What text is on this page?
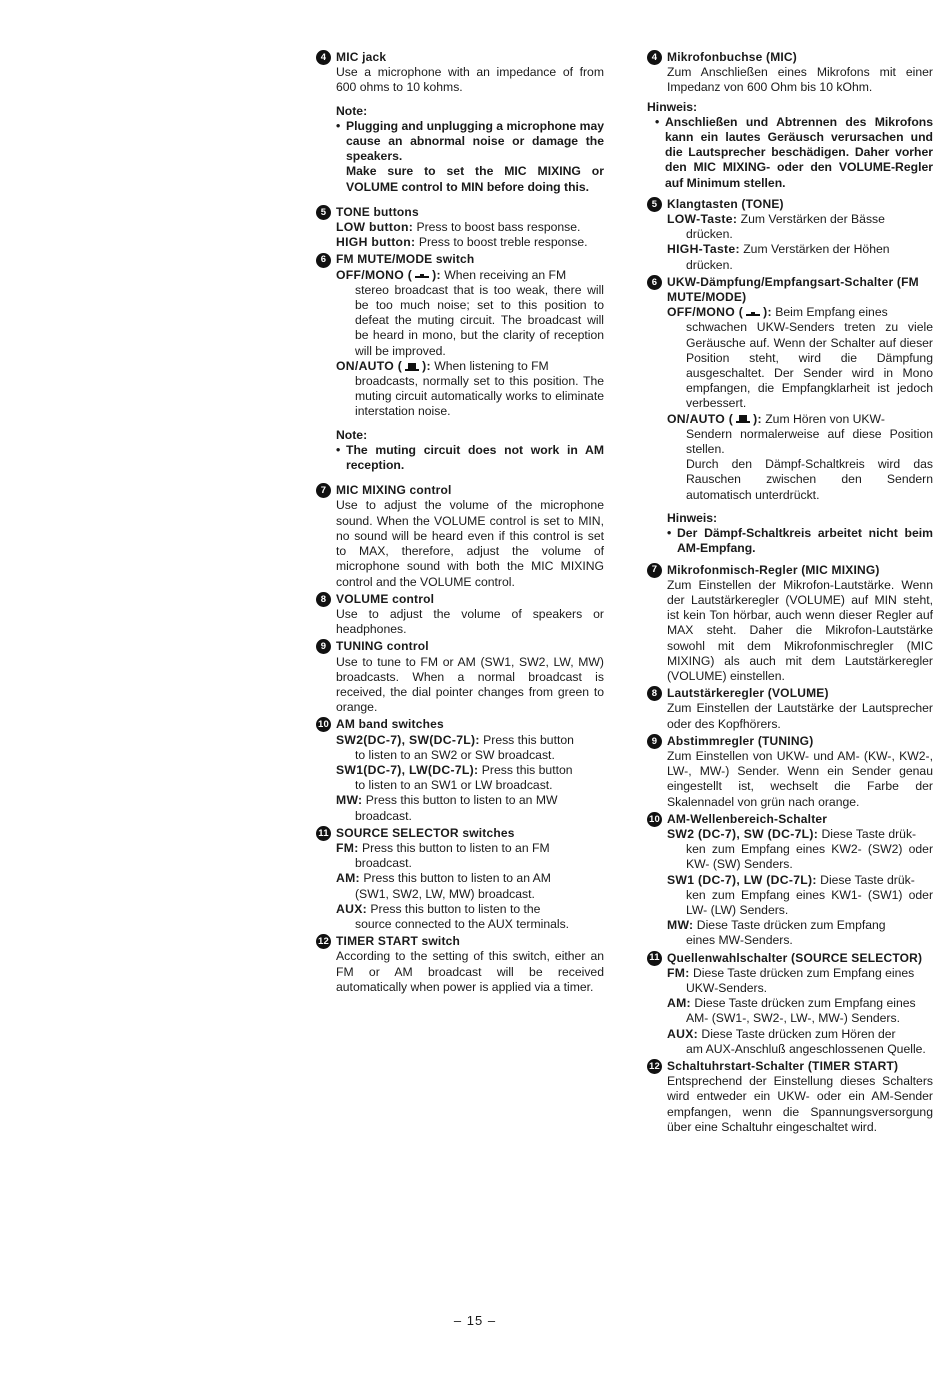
4 MIC jack
Use a microphone with an impedance of from 600 ohms to 10 kohms.
Note:
• Plugging and unplugging a microphone may cause an abnormal noise or damage the speakers.
Make sure to set the MIC MIXING or VOLUME control to MIN before doing this.
5 TONE buttons
LOW button: Press to boost bass response.
HIGH button: Press to boost treble response.
6 FM MUTE/MODE switch
OFF/MONO ( ): When receiving an FM
stereo broadcast that is too weak, there will be too much noise; set to this position to defeat the muting circuit. The broadcast will be heard in mono, but the clarity of reception will be improved.
ON/AUTO ( ): When listening to FM
broadcasts, normally set to this position. The muting circuit automatically works to eliminate interstation noise.
Note:
• The muting circuit does not work in AM reception.
7 MIC MIXING control
Use to adjust the volume of the microphone sound. When the VOLUME control is set to MIN, no sound will be heard even if this control is set to MAX, therefore, adjust the volume of microphone sound with both the MIC MIXING control and the VOLUME control.
8 VOLUME control
Use to adjust the volume of speakers or headphones.
9 TUNING control
Use to tune to FM or AM (SW1, SW2, LW, MW) broadcasts. When a normal broadcast is received, the dial pointer changes from green to orange.
10 AM band switches
SW2(DC-7), SW(DC-7L): Press this button
to listen to an SW2 or SW broadcast.
SW1(DC-7), LW(DC-7L): Press this button
to listen to an SW1 or LW broadcast.
MW: Press this button to listen to an MW
broadcast.
11 SOURCE SELECTOR switches
FM: Press this button to listen to an FM
broadcast.
AM: Press this button to listen to an AM
(SW1, SW2, LW, MW) broadcast.
AUX: Press this button to listen to the
source connected to the AUX terminals.
12 TIMER START switch
According to the setting of this switch, either an FM or AM broadcast will be received automatically when power is applied via a timer.
4 Mikrofonbuchse (MIC)
Zum Anschließen eines Mikrofons mit einer Impedanz von 600 Ohm bis 10 kOhm.
Hinweis:
• Anschließen und Abtrennen des Mikrofons kann ein lautes Geräusch verursachen und die Lautsprecher beschädigen. Daher vorher den MIC MIXING- oder den VOLUME-Regler auf Minimum stellen.
5 Klangtasten (TONE)
LOW-Taste: Zum Verstärken der Bässe
drücken.
HIGH-Taste: Zum Verstärken der Höhen
drücken.
6 UKW-Dämpfung/Empfangsart-Schalter (FM MUTE/MODE)
OFF/MONO ( ): Beim Empfang eines
schwachen UKW-Senders treten zu viele Geräusche auf. Wenn der Schalter auf dieser Position steht, wird die Dämpfung ausgeschaltet. Der Sender wird in Mono empfangen, die Empfangklarheit ist jedoch verbessert.
ON/AUTO ( ): Zum Hören von UKW-
Sendern normalerweise auf diese Position stellen.
Durch den Dämpf-Schaltkreis wird das Rauschen zwischen den Sendern automatisch unterdrückt.
Hinweis:
• Der Dämpf-Schaltkreis arbeitet nicht beim AM-Empfang.
7 Mikrofonmisch-Regler (MIC MIXING)
Zum Einstellen der Mikrofon-Lautstärke. Wenn der Lautstärkeregler (VOLUME) auf MIN steht, ist kein Ton hörbar, auch wenn dieser Regler auf MAX steht. Daher die Mikrofon-Lautstärke sowohl mit dem Mikrofonmischregler (MIC MIXING) als auch mit dem Lautstärkeregler (VOLUME) einstellen.
8 Lautstärkeregler (VOLUME)
Zum Einstellen der Lautstärke der Lautsprecher oder des Kopfhörers.
9 Abstimmregler (TUNING)
Zum Einstellen von UKW- und AM- (KW-, KW2-, LW-, MW-) Sender. Wenn ein Sender genau eingestellt ist, wechselt die Farbe der Skalennadel von grün nach orange.
10 AM-Wellenbereich-Schalter
SW2 (DC-7), SW (DC-7L): Diese Taste drük-
ken zum Empfang eines KW2- (SW2) oder KW- (SW) Senders.
SW1 (DC-7), LW (DC-7L): Diese Taste drük-
ken zum Empfang eines KW1- (SW1) oder LW- (LW) Senders.
MW: Diese Taste drücken zum Empfang
eines MW-Senders.
11 Quellenwahlschalter (SOURCE SELECTOR)
FM: Diese Taste drücken zum Empfang eines
UKW-Senders.
AM: Diese Taste drücken zum Empfang eines
AM- (SW1-, SW2-, LW-, MW-) Senders.
AUX: Diese Taste drücken zum Hören der
am AUX-Anschluß angeschlossenen Quelle.
12 Schaltuhrstart-Schalter (TIMER START)
Entsprechend der Einstellung dieses Schalters wird entweder ein UKW- oder ein AM-Sender empfangen, wenn die Spannungsversorgung über eine Schaltuhr eingeschaltet wird.
– 15 –
